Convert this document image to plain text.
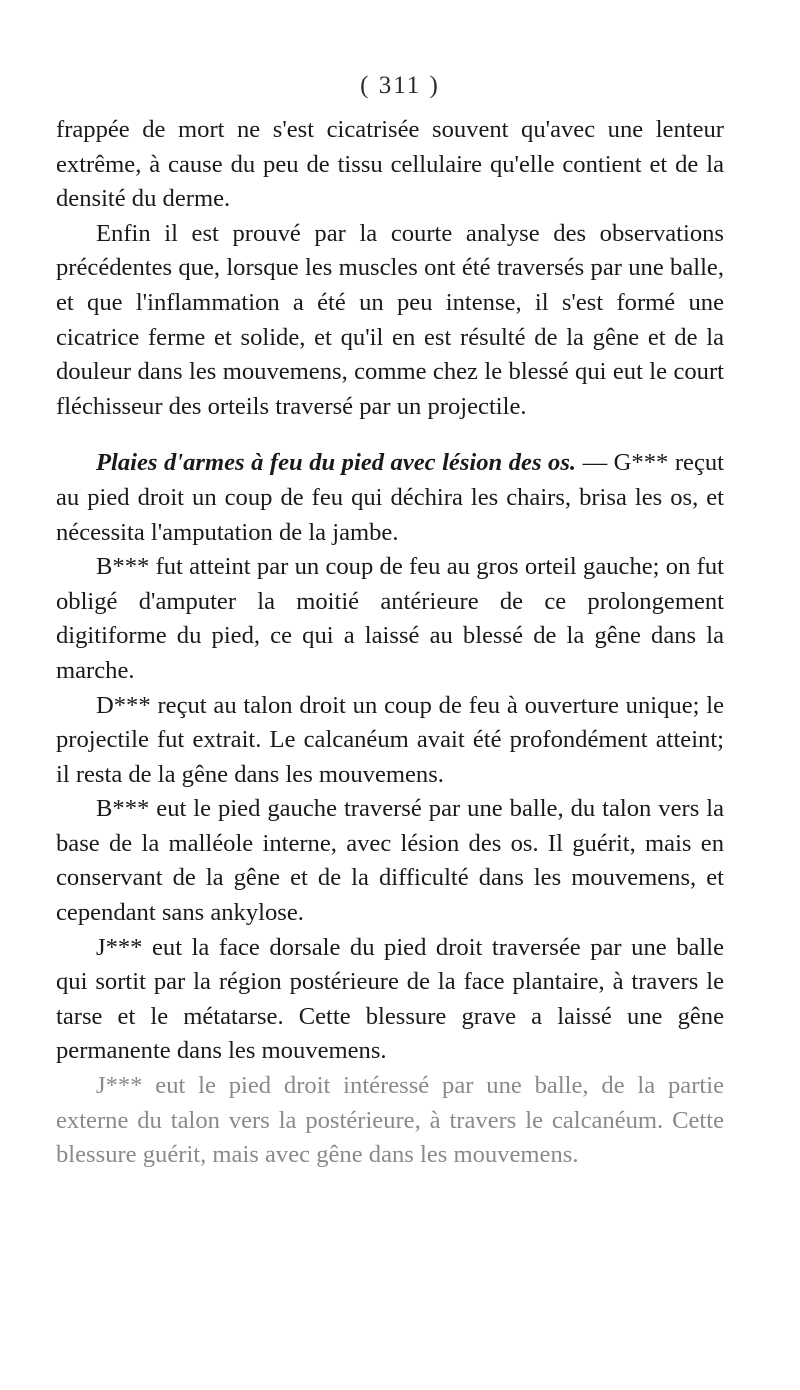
( 311 )

frappée de mort ne s'est cicatrisée souvent qu'avec une lenteur extrême, à cause du peu de tissu cellulaire qu'elle contient et de la densité du derme.

Enfin il est prouvé par la courte analyse des observations précédentes que, lorsque les muscles ont été traversés par une balle, et que l'inflammation a été un peu intense, il s'est formé une cicatrice ferme et solide, et qu'il en est résulté de la gêne et de la douleur dans les mouvemens, comme chez le blessé qui eut le court fléchisseur des orteils traversé par un projectile.

Plaies d'armes à feu du pied avec lésion des os. — G*** reçut au pied droit un coup de feu qui déchira les chairs, brisa les os, et nécessita l'amputation de la jambe.

B*** fut atteint par un coup de feu au gros orteil gauche; on fut obligé d'amputer la moitié antérieure de ce prolongement digitiforme du pied, ce qui a laissé au blessé de la gêne dans la marche.

D*** reçut au talon droit un coup de feu à ouverture unique; le projectile fut extrait. Le calcanéum avait été profondément atteint; il resta de la gêne dans les mouvemens.

B*** eut le pied gauche traversé par une balle, du talon vers la base de la malléole interne, avec lésion des os. Il guérit, mais en conservant de la gêne et de la difficulté dans les mouvemens, et cependant sans ankylose.

J*** eut la face dorsale du pied droit traversée par une balle qui sortit par la région postérieure de la face plantaire, à travers le tarse et le métatarse. Cette blessure grave a laissé une gêne permanente dans les mouvemens.

J*** eut le pied droit intéressé par une balle, de la partie externe du talon vers la postérieure, à travers le calcanéum. Cette blessure guérit, mais avec gêne dans les mouvemens.
